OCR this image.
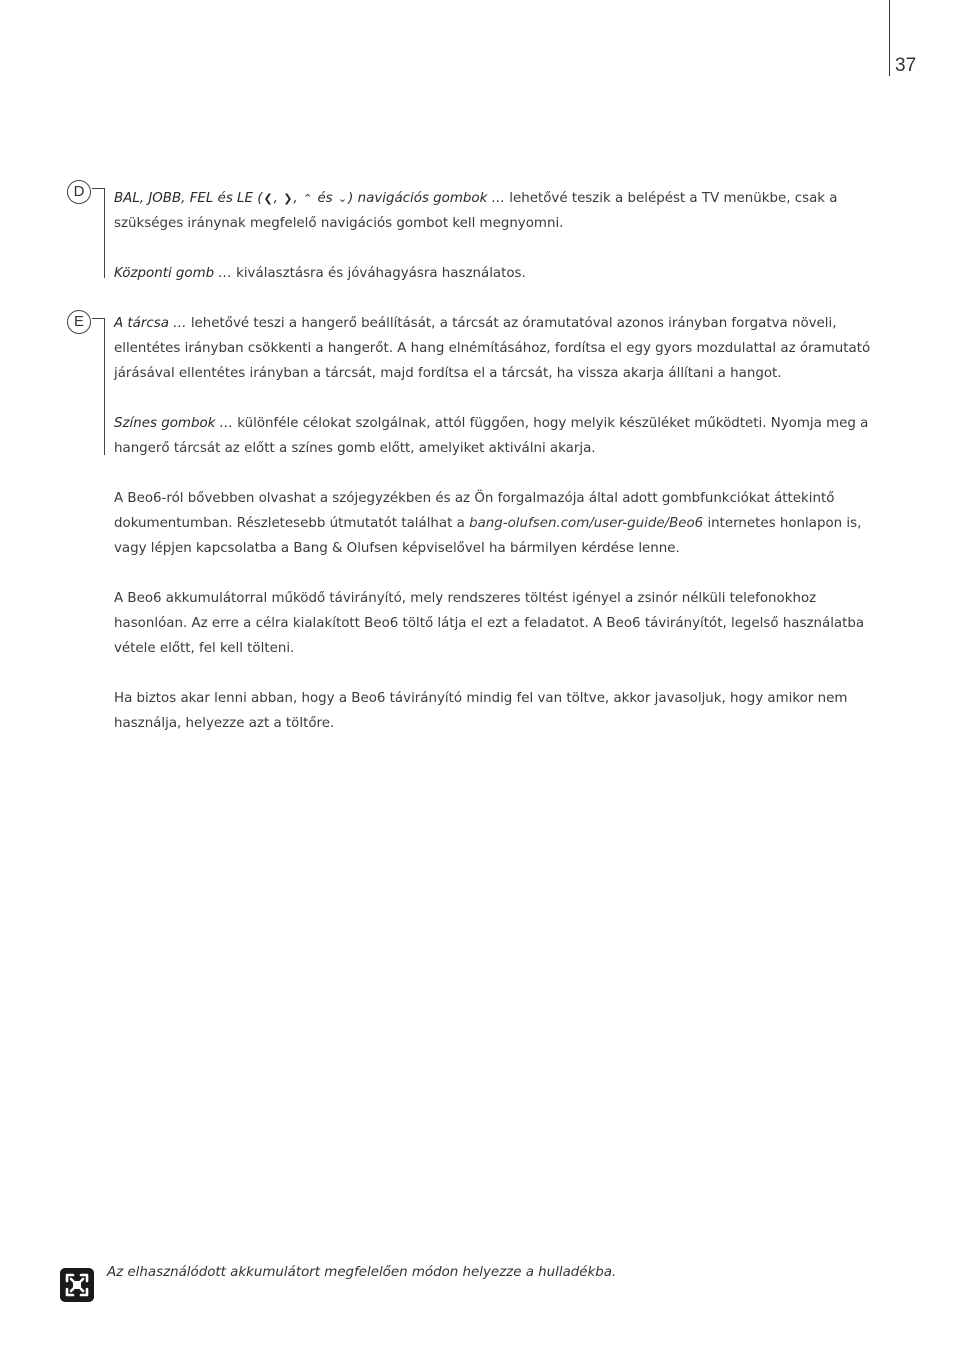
37
D
E

BAL, JOBB, FEL és LE (❮, ❯, ⌃ és ⌄) navigációs gombok … lehetővé teszik a belépést a TV menükbe, csak a szükséges iránynak megfelelő navigációs gombot kell megnyomni.

Központi gomb … kiválasztásra és jóváhagyásra használatos.

A tárcsa … lehetővé teszi a hangerő beállítását, a tárcsát az óramutatóval azonos irányban forgatva növeli, ellentétes irányban csökkenti a hangerőt. A hang elnémításához, fordítsa el egy gyors mozdulattal az óramutató járásával ellentétes irányban a tárcsát, majd fordítsa el a tárcsát, ha vissza akarja állítani a hangot.

Színes gombok … különféle célokat szolgálnak, attól függően, hogy melyik készüléket működteti. Nyomja meg a hangerő tárcsát az előtt a színes gomb előtt, amelyiket aktiválni akarja.

A Beo6-ról bővebben olvashat a szójegyzékben és az Ön forgalmazója által adott gombfunkciókat áttekintő dokumentumban. Részletesebb útmutatót találhat a bang-olufsen.com/user-guide/Beo6 internetes honlapon is, vagy lépjen kapcsolatba a Bang & Olufsen képviselővel ha bármilyen kérdése lenne.

A Beo6 akkumulátorral működő távirányító, mely rendszeres töltést igényel a zsinór nélküli telefonokhoz hasonlóan. Az erre a célra kialakított Beo6 töltő látja el ezt a feladatot. A Beo6 távirányítót, legelső használatba vétele előtt, fel kell tölteni.

Ha biztos akar lenni abban, hogy a Beo6 távirányító mindig fel van töltve, akkor javasoljuk, hogy amikor nem használja, helyezze azt a töltőre.

Az elhasználódott akkumulátort megfelelően módon helyezze a hulladékba.
